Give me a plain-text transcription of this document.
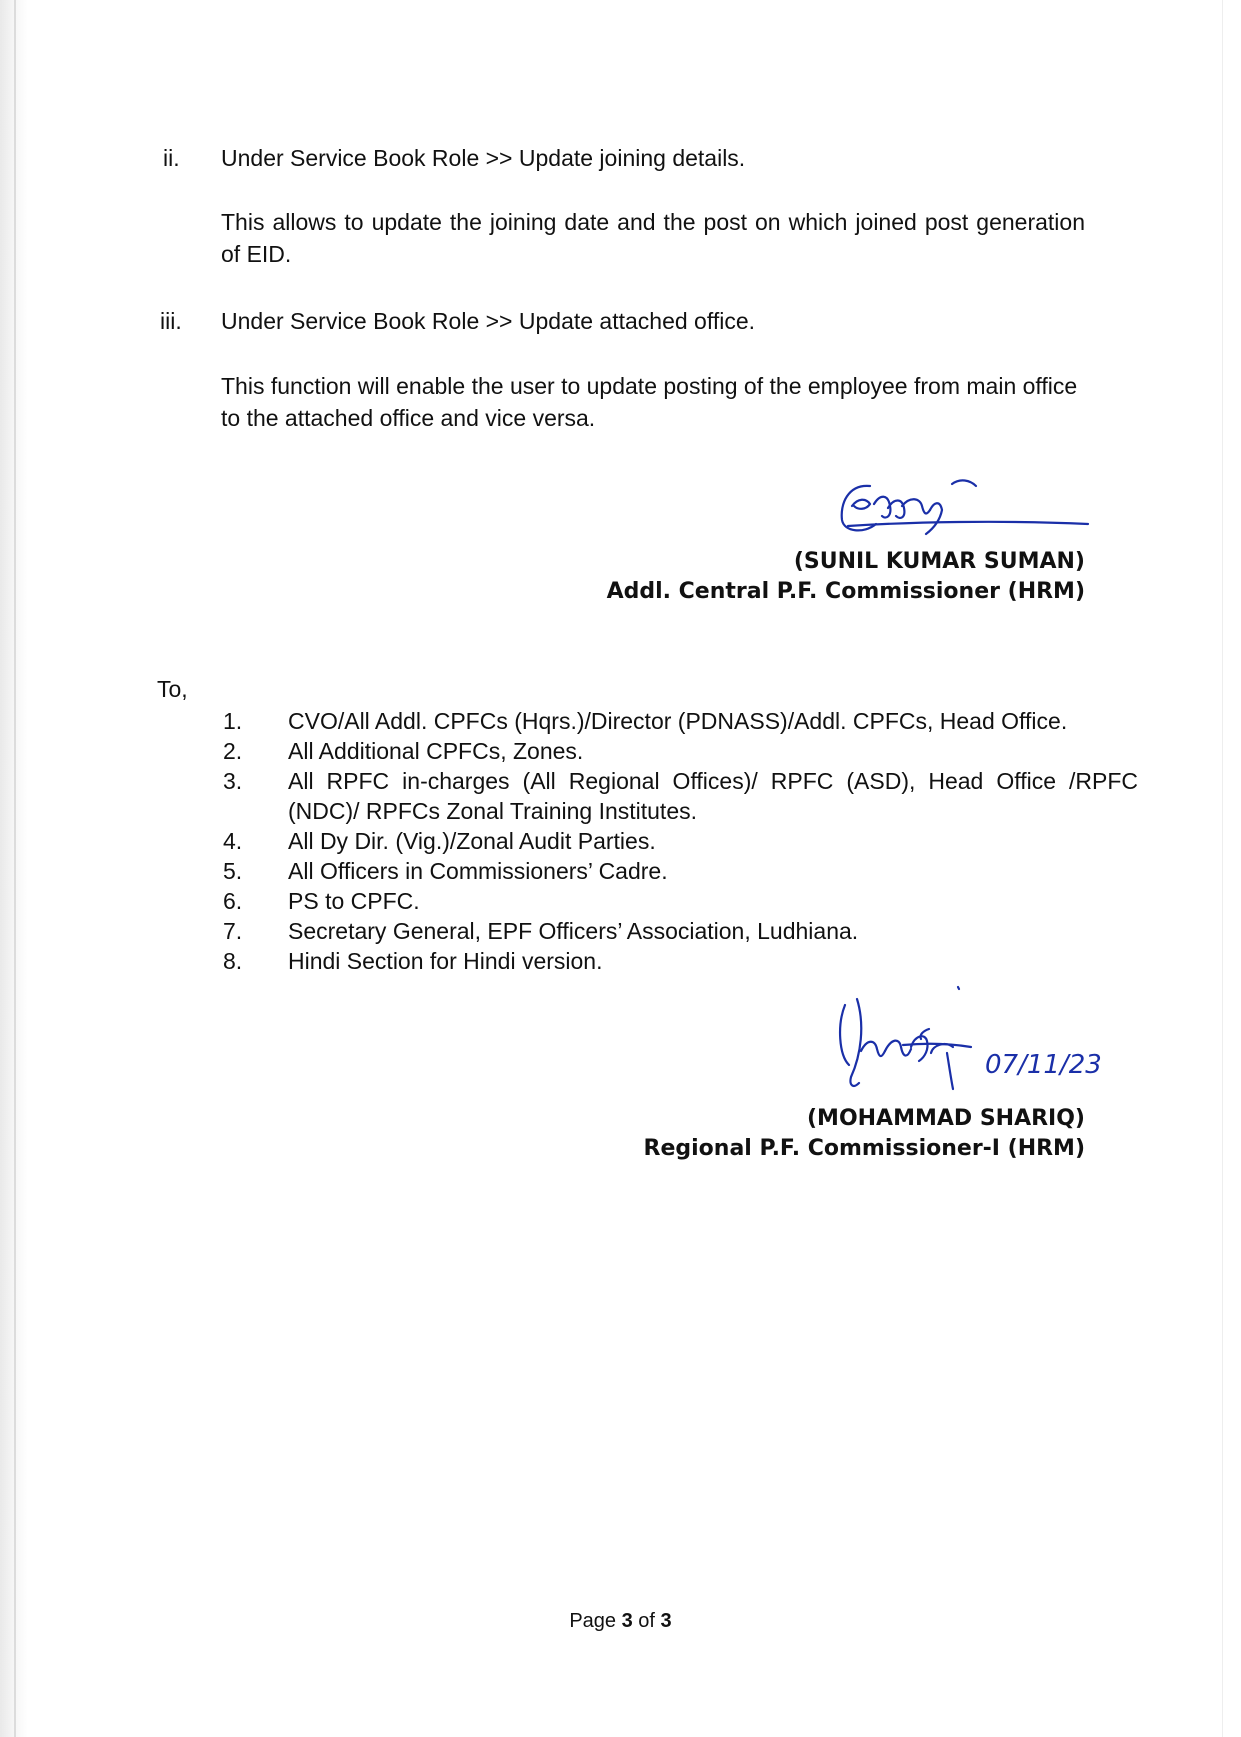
ii. Under Service Book Role >> Update joining details.
This allows to update the joining date and the post on which joined post generation of EID.
iii. Under Service Book Role >> Update attached office.
This function will enable the user to update posting of the employee from main office to the attached office and vice versa.
(SUNIL KUMAR SUMAN)
Addl. Central P.F. Commissioner (HRM)
To,
1.	CVO/All Addl. CPFCs (Hqrs.)/Director (PDNASS)/Addl. CPFCs, Head Office.
2.	All Additional CPFCs, Zones.
3.	All RPFC in-charges (All Regional Offices)/ RPFC (ASD), Head Office /RPFC (NDC)/ RPFCs Zonal Training Institutes.
4.	All Dy Dir. (Vig.)/Zonal Audit Parties.
5.	All Officers in Commissioners’ Cadre.
6.	PS to CPFC.
7.	Secretary General, EPF Officers’ Association, Ludhiana.
8.	Hindi Section for Hindi version.
07/11/23
(MOHAMMAD SHARIQ)
Regional P.F. Commissioner-I (HRM)
Page 3 of 3
